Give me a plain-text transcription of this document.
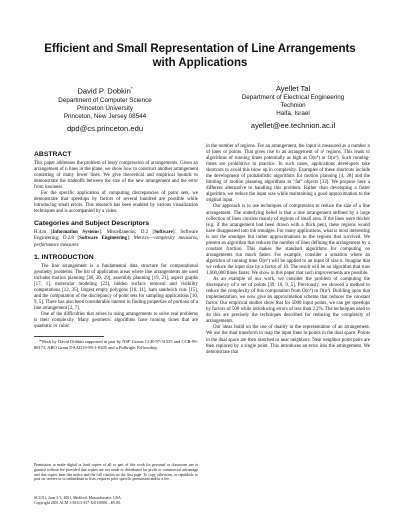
Efficient and Small Representation of Line Arrangements with Applications
David P. Dobkin*
Department of Computer Science
Princeton University
Princeton, New Jersey 08544
dpd@cs.princeton.edu
Ayellet Tal
Department of Electrical Engineering
Technion
Haifa, Israel
ayellet@ee.technion.ac.il
ABSTRACT

This paper addresses the problem of lossy compression of arrangements. Given an arrangement of n lines in the plane, we show how to construct another arrangement consisting of many fewer lines. We give theoretical and empirical bounds to demonstrate the tradeoffs between the size of the new arrangement and the error from lossiness.

For the specific application of computing discrepancies of point sets, we demonstrate that speedups by factors of several hundred are possible while introducing small errors. This research has been enabled by various visualization techniques and is accompanied by a video.

Categories and Subject Descriptors

H.4.m [Information Systems]: Miscellaneous; D.2 [Software]: Software Engineering; D.2.8 [Software Engineering]: Metrics—complexity measures, performance measures

1. INTRODUCTION

The line arrangement is a fundamental data structure for computational geometry problems. The list of application areas where line arrangements are used includes motion planning [38, 20, 29], assembly planning [19, 21], aspect graphs [17, 1], molecular modeling [22], hidden surface removal and visibility computations [12, 35], largest empty polygons [16, 11], ham sandwich cuts [15], and the computation of the discrepancy of point sets for sampling applications [10, 9, 5]. There has also been considerable interest in finding properties of portions of a line arrangement [2, 7].

One of the difficulties that arises in using arrangements to solve real problems is their complexity. Many geometric algorithms have running times that are quadratic or cubic

*Work by David Dobkin supported in part by NSF Grants CCR-97-31535 and CCR-99-88173, ARO Grant DAAD19-99-1-0205 and a Fulbright Fellowship.

Permission to make digital or hard copies of all or part of this work for personal or classroom use is granted without fee provided that copies are not made or distributed for profit or commercial advantage and that copies bear this notice and the full citation on the first page. To copy otherwise, to republish, to post on servers or to redistribute to lists, requires prior specific permission and/or a fee.

SCG'01, June 3-5, 2001, Medford, Massachusetts, USA.
Copyright 2001 ACM 1-58113-357-X/01/0006 ...$5.00.

in the number of regions. For an arrangement, the input is measured as a number n of lines or points. That gives rise to an arrangement of n² regions. This leads to algorithms of running times potentially as high as O(n⁴) or O(n⁶). Such running-times are prohibitive in practice. In such cases, applications developers take shortcuts to avoid this blow up in complexity. Examples of these shortcuts include the development of probabilistic algorithms for motion planning [4, 28] and the limiting of motion planning algorithms to "fat" objects [32]. We propose here a different alternative to handling this problem. Rather than developing a faster algorithm, we reduce the input size while maintaining a good approximation to the original input.

Our approach is to use techniques of compression to reduce the size of a line arrangement. The underlying belief is that a line arrangement defined by a large collection of lines consists mainly of regions of small area. If the lines were thicker (e.g. if the arrangement had been drawn with a thick pen), these regions would have disappeared into ink smudges. For many applications, what is most interesting is not the smudges but rather approximations to the regions that survived. We present an algorithm that reduces the number of lines defining the arrangement by a constant fraction. This makes the standard algorithms for computing on arrangements run much faster. For example, consider a situation where an algorithm of running time O(n⁶) will be applied to an input of size n. Imagine that we reduce the input size by a factor of 10. The result will be an algorithm that runs 1,000,000 times faster. We show in this paper that such improvements are possible.

As an example of our work, we consider the problem of computing the discrepancy of a set of points [39, 10, 9, 5]. Previously, we showed a method to reduce the complexity of this computation from O(n⁴) to O(n³). Building upon that implementation, we now give an approximation scheme that reduces the constant factor. Our empirical studies show that for 5000 input points, we can get speedups by factors of 500 while introducing errors of less than 2.2%. The techniques used to do this are precisely the techniques described for reducing the complexity of arrangements.

Our ideas build on the use of duality in the representation of an arrangement. We use the dual transform to map the input lines to points in the dual space. Points in the dual space are then matched to near neighbors. Near neighbor point pairs are then replaced by a single point. This introduces an error into the arrangement. We demonstrate that
